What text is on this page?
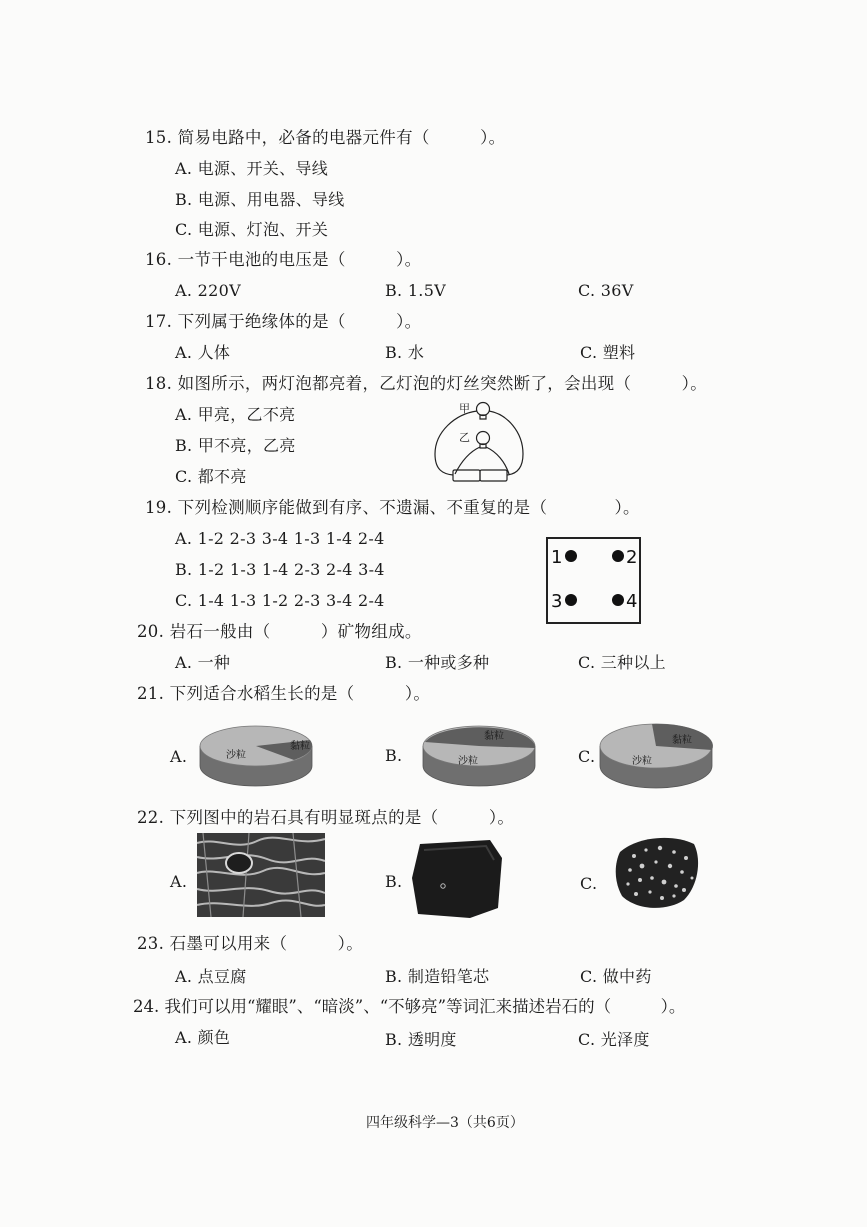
15. 简易电路中，必备的电器元件有（　　　）。
A. 电源、开关、导线
B. 电源、用电器、导线
C. 电源、灯泡、开关
16. 一节干电池的电压是（　　　）。
A. 220V	B. 1.5V	C. 36V
17. 下列属于绝缘体的是（　　　）。
A. 人体	B. 水	C. 塑料
18. 如图所示，两灯泡都亮着，乙灯泡的灯丝突然断了，会出现（　　　）。
A. 甲亮，乙不亮
B. 甲不亮，乙亮
C. 都不亮
甲
乙
19. 下列检测顺序能做到有序、不遗漏、不重复的是（　　　　）。
A. 1-2 2-3 3-4 1-3 1-4 2-4
B. 1-2 1-3 1-4 2-3 2-4 3-4
C. 1-4 1-3 1-2 2-3 3-4 2-4
1	2
3	4
20. 岩石一般由（　　　）矿物组成。
A. 一种	B. 一种或多种	C. 三种以上
21. 下列适合水稻生长的是（　　　）。
A.	B.	C.
沙粒
黏粒
沙粒
黏粒
沙粒
黏粒
22. 下列图中的岩石具有明显斑点的是（　　　）。
A.	B.	C.
23. 石墨可以用来（　　　）。
A. 点豆腐	B. 制造铅笔芯	C. 做中药
24. 我们可以用“耀眼”、“暗淡”、“不够亮”等词汇来描述岩石的（　　　）。
A. 颜色	B. 透明度	C. 光泽度
四年级科学—3（共6页）
